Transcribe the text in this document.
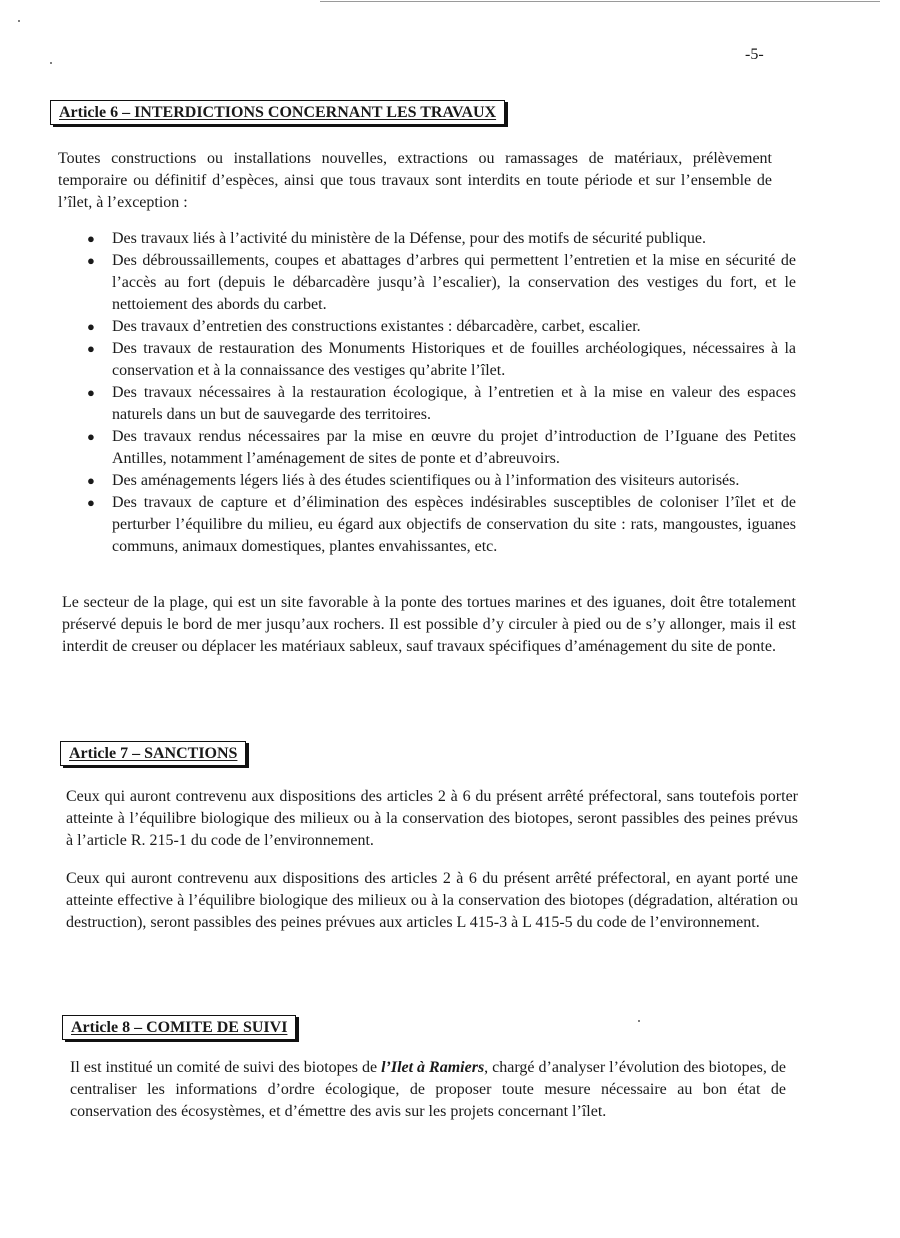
-5-
Article 6 – INTERDICTIONS CONCERNANT LES TRAVAUX

Toutes constructions ou installations nouvelles, extractions ou ramassages de matériaux, prélèvement temporaire ou définitif d’espèces, ainsi que tous travaux sont interdits en toute période et sur l’ensemble de l’îlet, à l’exception :

● Des travaux liés à l’activité du ministère de la Défense, pour des motifs de sécurité publique.
● Des débroussaillements, coupes et abattages d’arbres qui permettent l’entretien et la mise en sécurité de l’accès au fort (depuis le débarcadère jusqu’à l’escalier), la conservation des vestiges du fort, et le nettoiement des abords du carbet.
● Des travaux d’entretien des constructions existantes : débarcadère, carbet, escalier.
● Des travaux de restauration des Monuments Historiques et de fouilles archéologiques, nécessaires à la conservation et à la connaissance des vestiges qu’abrite l’îlet.
● Des travaux nécessaires à la restauration écologique, à l’entretien et à la mise en valeur des espaces naturels dans un but de sauvegarde des territoires.
● Des travaux rendus nécessaires par la mise en œuvre du projet d’introduction de l’Iguane des Petites Antilles, notamment l’aménagement de sites de ponte et d’abreuvoirs.
● Des aménagements légers liés à des études scientifiques ou à l’information des visiteurs autorisés.
● Des travaux de capture et d’élimination des espèces indésirables susceptibles de coloniser l’îlet et de perturber l’équilibre du milieu, eu égard aux objectifs de conservation du site : rats, mangoustes, iguanes communs, animaux domestiques, plantes envahissantes, etc.

Le secteur de la plage, qui est un site favorable à la ponte des tortues marines et des iguanes, doit être totalement préservé depuis le bord de mer jusqu’aux rochers. Il est possible d’y circuler à pied ou de s’y allonger, mais il est interdit de creuser ou déplacer les matériaux sableux, sauf travaux spécifiques d’aménagement du site de ponte.

Article 7 – SANCTIONS

Ceux qui auront contrevenu aux dispositions des articles 2 à 6 du présent arrêté préfectoral, sans toutefois porter atteinte à l’équilibre biologique des milieux ou à la conservation des biotopes, seront passibles des peines prévus à l’article R. 215-1 du code de l’environnement.

Ceux qui auront contrevenu aux dispositions des articles 2 à 6 du présent arrêté préfectoral, en ayant porté une atteinte effective à l’équilibre biologique des milieux ou à la conservation des biotopes (dégradation, altération ou destruction), seront passibles des peines prévues aux articles L 415-3 à L 415-5 du code de l’environnement.

Article 8 – COMITE DE SUIVI

Il est institué un comité de suivi des biotopes de l’Ilet à Ramiers, chargé d’analyser l’évolution des biotopes, de centraliser les informations d’ordre écologique, de proposer toute mesure nécessaire au bon état de conservation des écosystèmes, et d’émettre des avis sur les projets concernant l’îlet.
